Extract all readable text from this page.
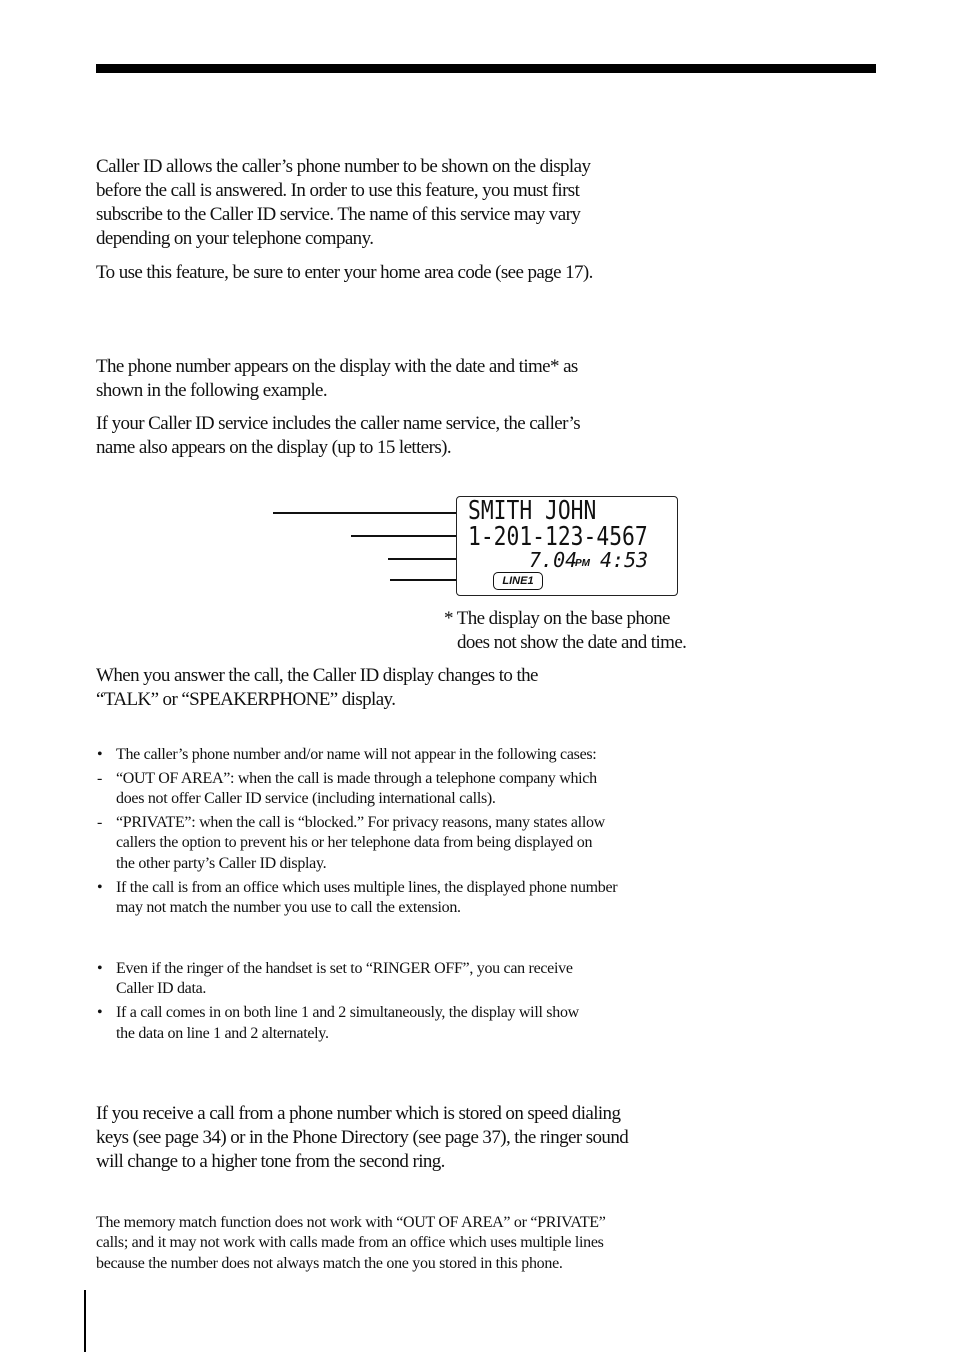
Caller ID allows the caller’s phone number to be shown on the display

before the call is answered. In order to use this feature, you must first

subscribe to the Caller ID service. The name of this service may vary

depending on your telephone company.

To use this feature, be sure to enter your home area code (see page 17).

The phone number appears on the display with the date and time* as

shown in the following example.

If your Caller ID service includes the caller name service, the caller’s

name also appears on the display (up to 15 letters).

SMITH JOHN
1-201-123-4567
7.04
PM 4:53
LINE1

* The display on the base phone

does not show the date and time.

When you answer the call, the Caller ID display changes to the

“TALK” or “SPEAKERPHONE” display.

• The caller’s phone number and/or name will not appear in the following cases:

- “OUT OF AREA”: when the call is made through a telephone company which

does not offer Caller ID service (including international calls).

- “PRIVATE”: when the call is “blocked.” For privacy reasons, many states allow

callers the option to prevent his or her telephone data from being displayed on

the other party’s Caller ID display.

• If the call is from an office which uses multiple lines, the displayed phone number

may not match the number you use to call the extension.

• Even if the ringer of the handset is set to “RINGER OFF”, you can receive

Caller ID data.

• If a call comes in on both line 1 and 2 simultaneously, the display will show

the data on line 1 and 2 alternately.

If you receive a call from a phone number which is stored on speed dialing

keys (see page 34) or in the Phone Directory (see page 37), the ringer sound

will change to a higher tone from the second ring.

The memory match function does not work with “OUT OF AREA” or “PRIVATE”

calls; and it may not work with calls made from an office which uses multiple lines

because the number does not always match the one you stored in this phone.
